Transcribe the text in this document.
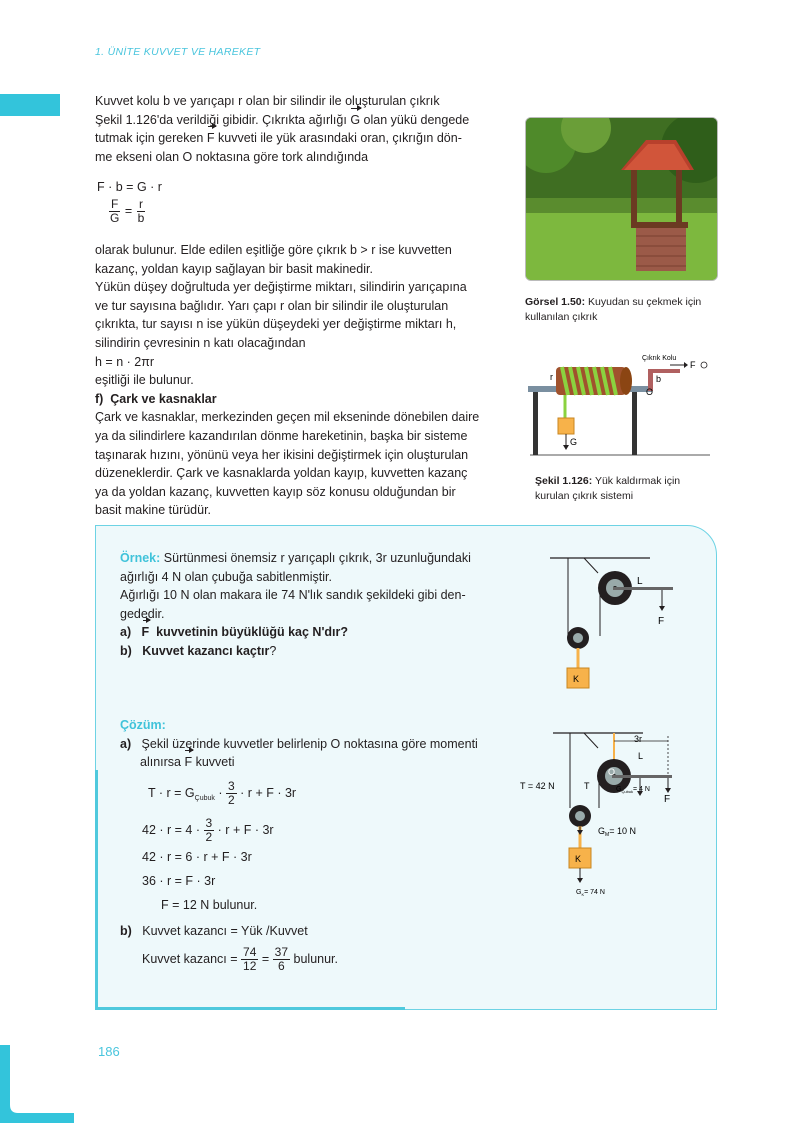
1. ÜNİTE KUVVET VE HAREKET

Kuvvet kolu b ve yarıçapı r olan bir silindir ile oluşturulan çıkrık

Şekil 1.126'da verildiği gibidir. Çıkrıkta ağırlığı G olan yükü dengede

tutmak için gereken F kuvveti ile yük arasındaki oran, çıkrığın dön-

me ekseni olan O noktasına göre tork alındığında

F · b = G · r
$\frac{F}{G} = \frac{r}{b}$

olarak bulunur. Elde edilen eşitliğe göre çıkrık b > r ise kuvvetten

kazanç, yoldan kayıp sağlayan bir basit makinedir.

Yükün düşey doğrultuda yer değiştirme miktarı, silindirin yarıçapına

ve tur sayısına bağlıdır. Yarı çapı r olan bir silindir ile oluşturulan

çıkrıkta, tur sayısı n ise yükün düşeydeki yer değiştirme miktarı h,

silindirin çevresinin n katı olacağından

h = n · 2πr

eşitliği ile bulunur.

f) Çark ve kasnaklar

Çark ve kasnaklar, merkezinden geçen mil ekseninde dönebilen daire

ya da silindirlere kazandırılan dönme hareketinin, başka bir sisteme

taşınarak hızını, yönünü veya her ikisini değiştirmek için oluşturulan

düzeneklerdir. Çark ve kasnaklarda yoldan kayıp, kuvvetten kazanç

ya da yoldan kazanç, kuvvetten kayıp söz konusu olduğundan bir

basit makine türüdür.

Görsel 1.50: Kuyudan su çekmek için
kullanılan çıkrık
Çıkrık Kolu
F
b
r
O
G
Şekil 1.126: Yük kaldırmak için
kurulan çıkrık sistemi

Örnek: Sürtünmesi önemsiz r yarıçaplı çıkrık, 3r uzunluğundaki

ağırlığı 4 N olan çubuğa sabitlenmiştir.

Ağırlığı 10 N olan makara ile 74 N'lık sandık şekildeki gibi den-

gededir.

a) F kuvvetinin büyüklüğü kaç N'dır?

b) Kuvvet kazancı kaçtır?

r	L
F
K

Çözüm:

a) Şekil üzerinde kuvvetler belirlenip O noktasına göre momenti

alınırsa F kuvveti

$T \cdot r = G_{Çubuk} \cdot \frac{3}{2} \cdot r + F \cdot 3r$
$42 \cdot r = 4 \cdot \frac{3}{2} \cdot r + F \cdot 3r$
42 · r = 6 · r + F · 3r
36 · r = F · 3r
F = 12 N bulunur.
b) Kuvvet kazancı = Yük /Kuvvet
Kuvvet kazancı = $\frac{74}{12} = \frac{37}{6}$ bulunur.
3r
L
O
T = 42 N	T	$G_{Çubuk}= 4$ N
F
$G_M= 10$ N
K
$G_K= 74$ N
186
